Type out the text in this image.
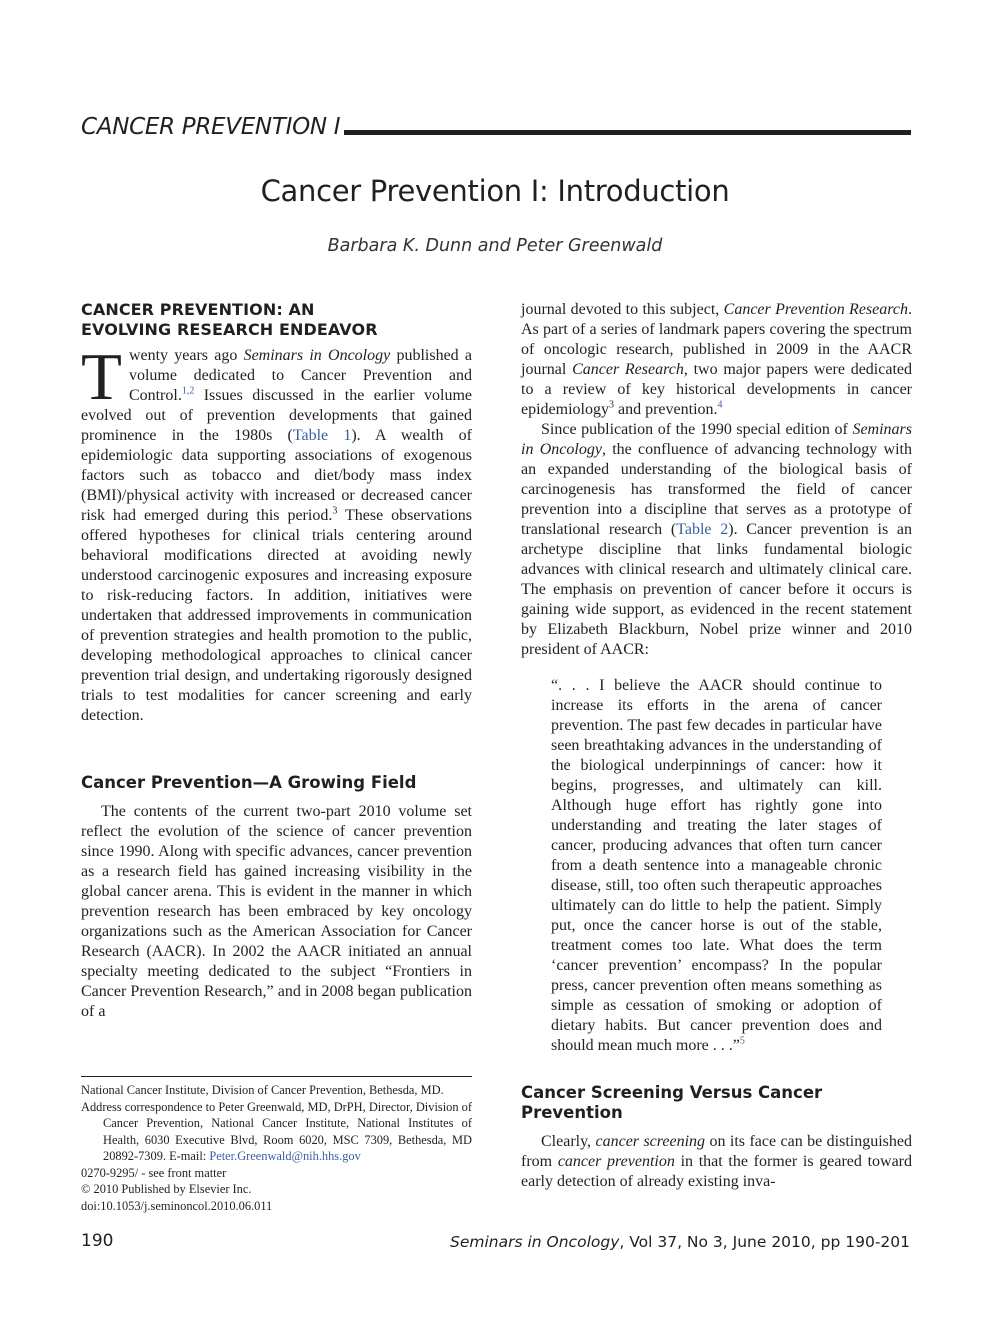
CANCER PREVENTION I
Cancer Prevention I: Introduction
Barbara K. Dunn and Peter Greenwald
CANCER PREVENTION: AN
EVOLVING RESEARCH ENDEAVOR

Twenty years ago Seminars in Oncology published a volume dedicated to Cancer Prevention and Control.$^{1,2}$ Issues discussed in the earlier volume evolved out of prevention developments that gained prominence in the 1980s (Table 1). A wealth of epidemiologic data supporting associations of exogenous factors such as tobacco and diet/body mass index (BMI)/physical activity with increased or decreased cancer risk had emerged during this period.$^3$ These observations offered hypotheses for clinical trials centering around behavioral modifications directed at avoiding newly understood carcinogenic exposures and increasing exposure to risk-reducing factors. In addition, initiatives were undertaken that addressed improvements in communication of prevention strategies and health promotion to the public, developing methodological approaches to clinical cancer prevention trial design, and undertaking rigorously designed trials to test modalities for cancer screening and early detection.

Cancer Prevention—A Growing Field

The contents of the current two-part 2010 volume set reflect the evolution of the science of cancer prevention since 1990. Along with specific advances, cancer prevention as a research field has gained increasing visibility in the global cancer arena. This is evident in the manner in which prevention research has been embraced by key oncology organizations such as the American Association for Cancer Research (AACR). In 2002 the AACR initiated an annual specialty meeting dedicated to the subject “Frontiers in Cancer Prevention Research,” and in 2008 began publication of a

National Cancer Institute, Division of Cancer Prevention, Bethesda, MD.
Address correspondence to Peter Greenwald, MD, DrPH, Director, Division of Cancer Prevention, National Cancer Institute, National Institutes of Health, 6030 Executive Blvd, Room 6020, MSC 7309, Bethesda, MD 20892-7309. E-mail: Peter.Greenwald@nih.hhs.gov
0270-9295/ - see front matter
© 2010 Published by Elsevier Inc.
doi:10.1053/j.seminoncol.2010.06.011

journal devoted to this subject, Cancer Prevention Research. As part of a series of landmark papers covering the spectrum of oncologic research, published in 2009 in the AACR journal Cancer Research, two major papers were dedicated to a review of key historical developments in cancer epidemiology$^3$ and prevention.$^4$

Since publication of the 1990 special edition of Seminars in Oncology, the confluence of advancing technology with an expanded understanding of the biological basis of carcinogenesis has transformed the field of cancer prevention into a discipline that serves as a prototype of translational research (Table 2). Cancer prevention is an archetype discipline that links fundamental biologic advances with clinical research and ultimately clinical care. The emphasis on prevention of cancer before it occurs is gaining wide support, as evidenced in the recent statement by Elizabeth Blackburn, Nobel prize winner and 2010 president of AACR:

“. . . I believe the AACR should continue to increase its efforts in the arena of cancer prevention. The past few decades in particular have seen breathtaking advances in the understanding of the biological underpinnings of cancer: how it begins, progresses, and ultimately can kill. Although huge effort has rightly gone into understanding and treating the later stages of cancer, producing advances that often turn cancer from a death sentence into a manageable chronic disease, still, too often such therapeutic approaches ultimately can do little to help the patient. Simply put, once the cancer horse is out of the stable, treatment comes too late. What does the term ‘cancer prevention’ encompass? In the popular press, cancer prevention often means something as simple as cessation of smoking or adoption of dietary habits. But cancer prevention does and should mean much more . . .”$^5$

Cancer Screening Versus Cancer Prevention

Clearly, cancer screening on its face can be distinguished from cancer prevention in that the former is geared toward early detection of already existing inva-

190	Seminars in Oncology, Vol 37, No 3, June 2010, pp 190-201
